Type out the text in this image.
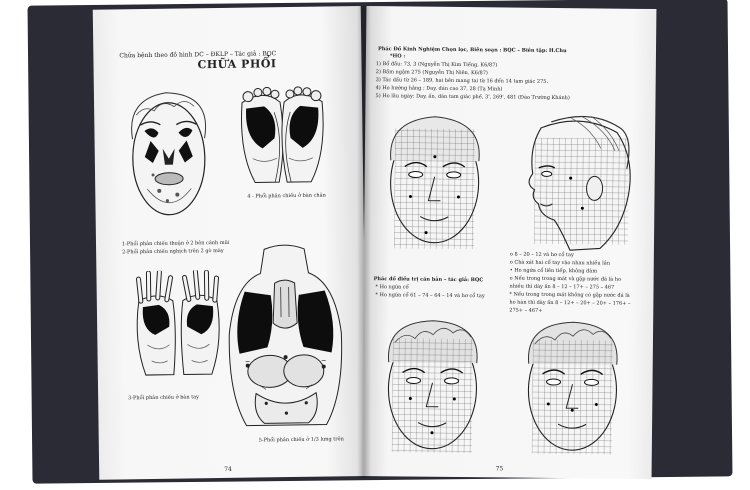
Chữa bệnh theo đồ hình DC – ĐKLP – Tác giả : BQC
CHỮA PHỔI
4 - Phổi phản chiếu ở bàn chân
1-Phổi phản chiếu thuận ở 2 bên cánh mũi
2-Phổi phản chiếu nghịch trên 2 gò mày
3-Phổi phản chiếu ở bàn tay
5-Phổi phản chiếu ở 1/3 lưng trên
74
Phác Đồ Kinh Nghiệm Chọn lọc, Biên soạn : BQC – Biên tập: H.Chu
*HO :
1) Bổ đầu: 73, 3 (Nguyễn Thị Kim Tiếng, K6/87)
2) Bấm ngậm 275 (Nguyễn Thị Niên, K6/87)
3) Tác dấu từ 26 – 189, hai bên mang tai từ 16 đến 14 tam giác 275.
4) Ho hướng hằng : Day, dán cao 37, 28 (Tạ Minh)
5) Ho lâu ngày: Day, ấn, dán tam giác phế, 3', 269', 481 (Đào Trường Khánh)
Phác đồ điều trị căn bản – tác giả: BQC
* Ho ngứa cổ
* Ho ngứa cổ 61 – 74 – 64 – 14 và hơ cổ tay
o 8 – 20 – 12 và hơ cổ tay
o Chà xát hai cổ tay vào nhau nhiều lần
• Ho ngứa cổ liên tiếp, không đàm
o Nếu trong trong mát và gặp nước đá là ho
nhiều thì dày ấn 8 – 12 – 17+ – 275 – 467
* Nếu trong trong mát không có gặp nước đá là
ho hàn thì dày ấn 8 – 12+ – 20+ – 20+ – 176+ –
275+ – 467+
75
